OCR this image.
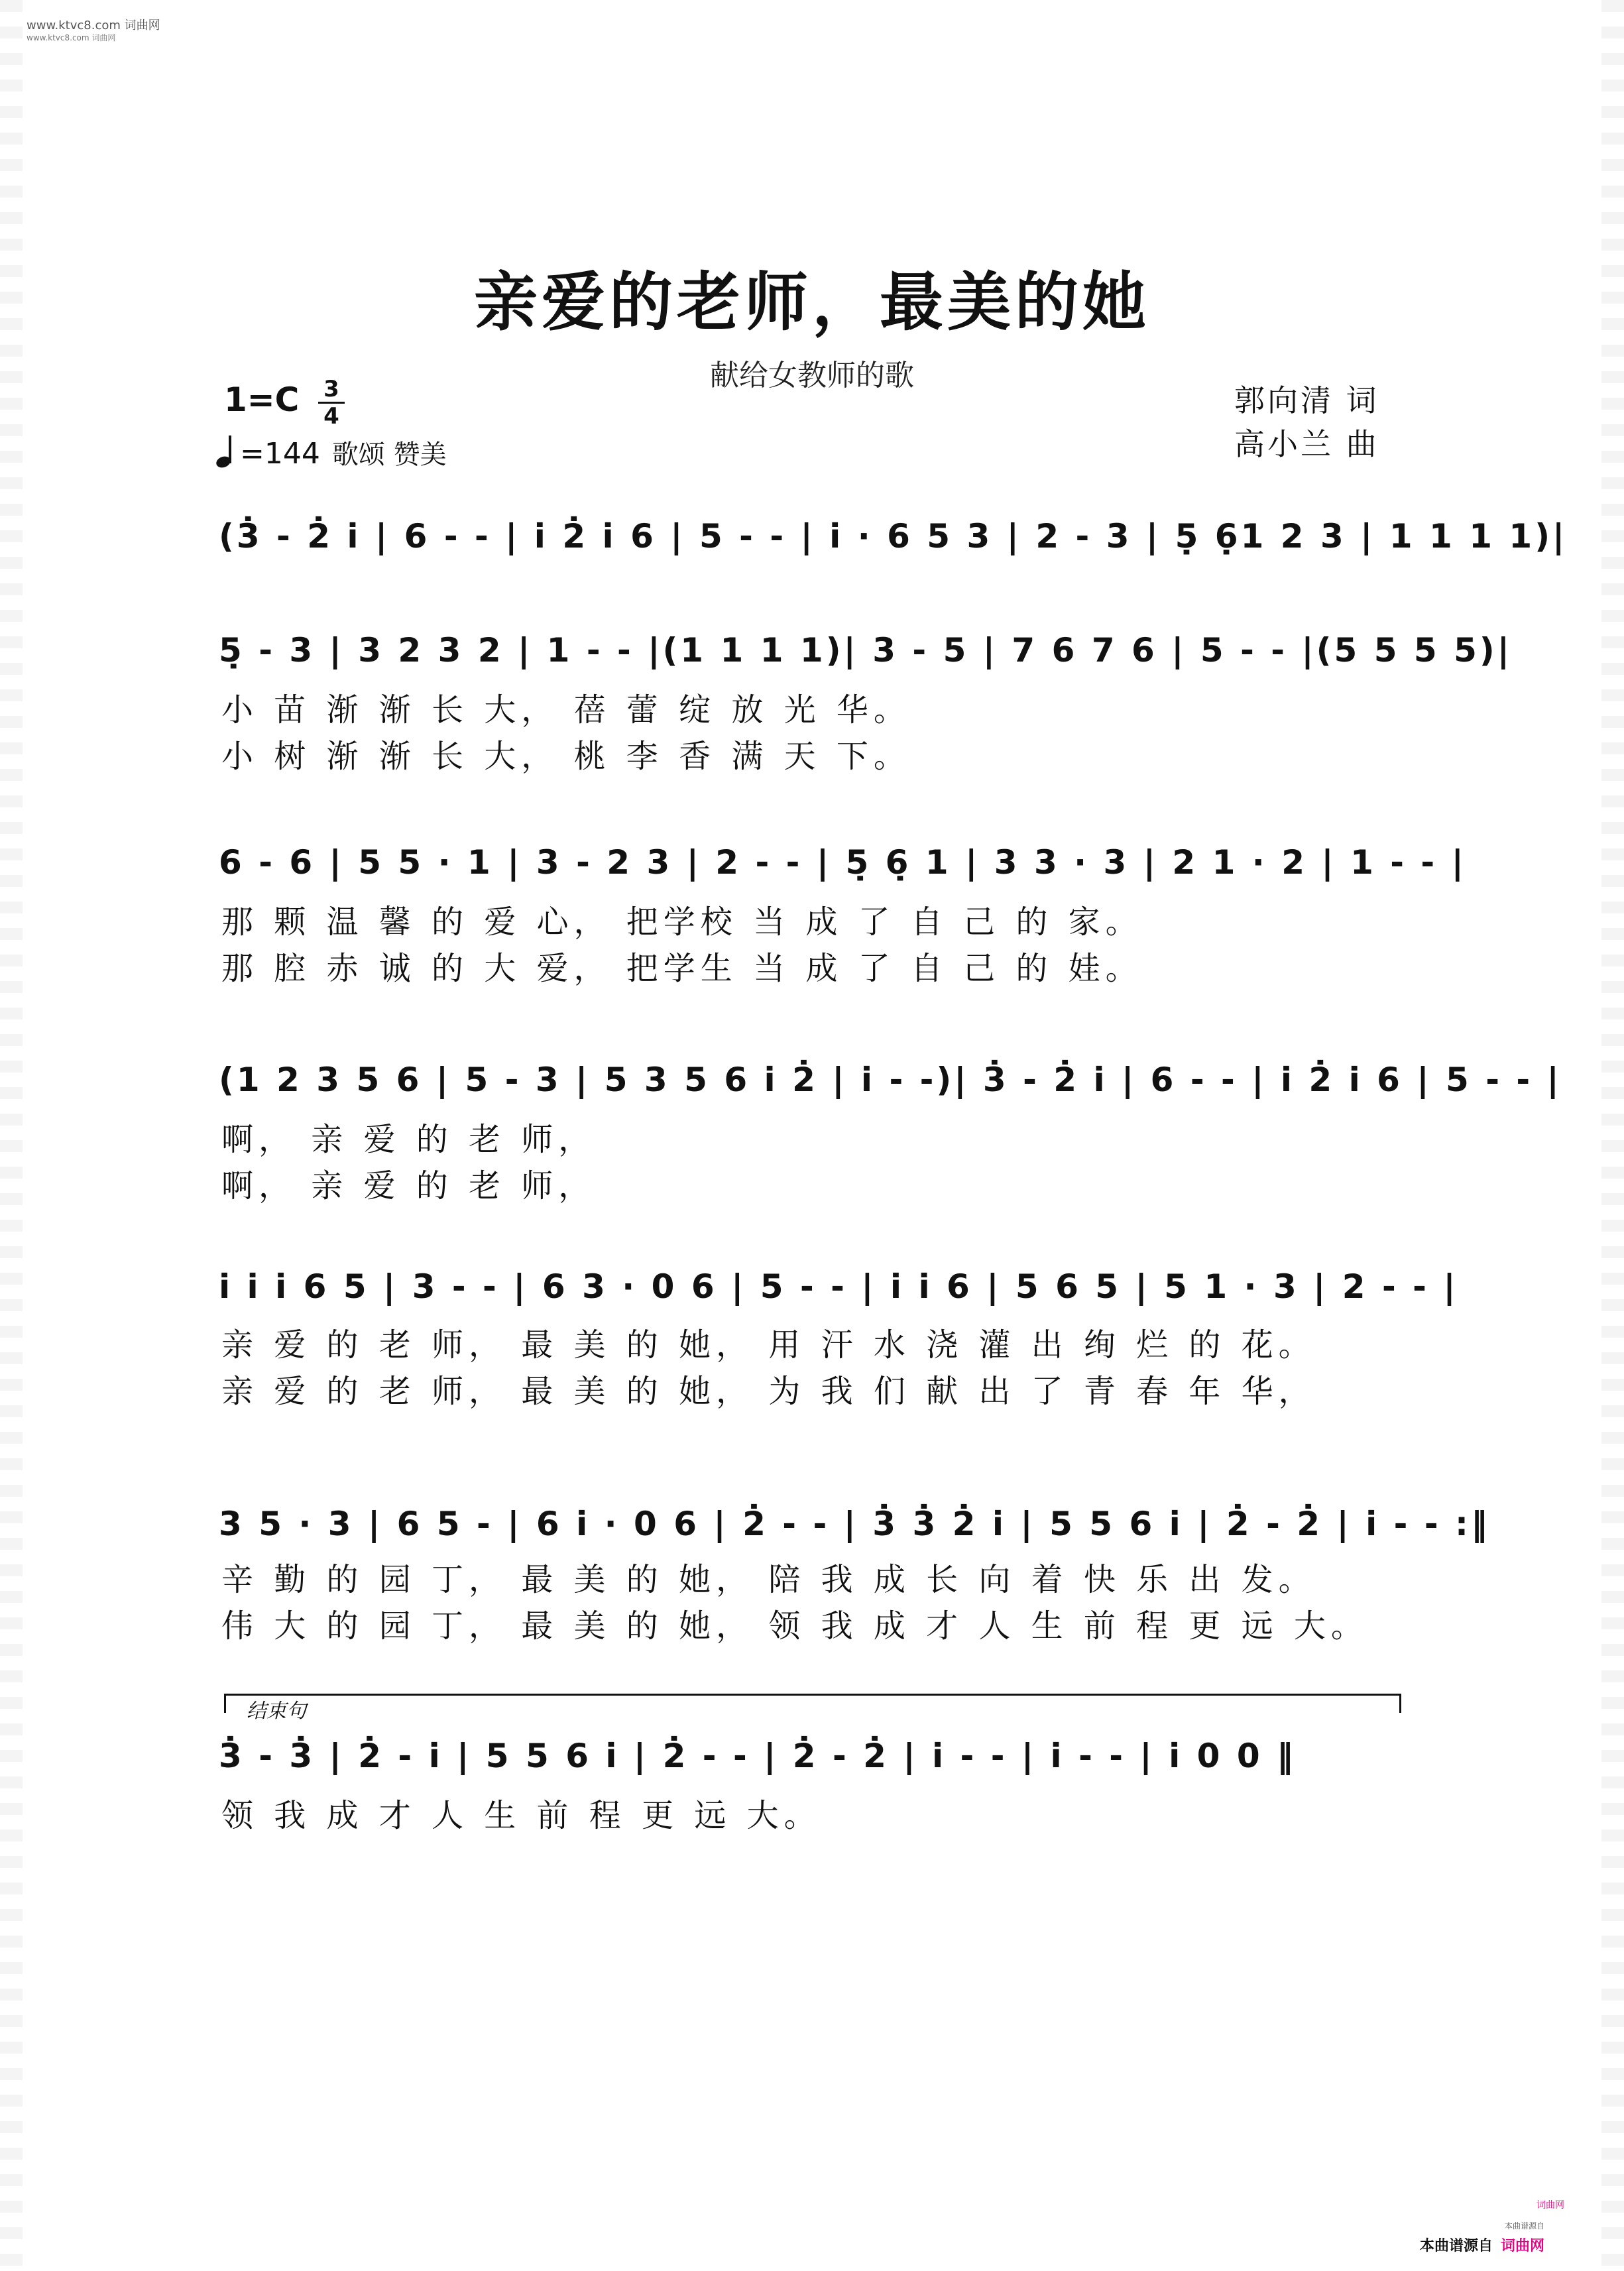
www.ktvc8.com 词曲网
www.ktvc8.com 词曲网
亲爱的老师，最美的她
献给女教师的歌
1=C 3
4
=144 歌颂 赞美
郭向清 词
高小兰 曲
(3̇ - 2̇ i̇ | 6 - - | i̇ 2̇ i̇ 6 | 5 - - | i̇ · 6 5 3 | 2 - 3 | 5̣ 6̣1 2 3 | 1 1 1 1)|
5̣ - 3 | 3 2 3 2 | 1 - - |(1 1 1 1)| 3 - 5 | 7 6 7 6 | 5 - - |(5 5 5 5)|
小 苗 渐 渐 长 大， 蓓 蕾 绽 放 光 华。
小 树 渐 渐 长 大， 桃 李 香 满 天 下。
6 - 6 | 5 5 · 1 | 3 - 2 3 | 2 - - | 5̣ 6̣ 1 | 3 3 · 3 | 2 1 · 2 | 1 - - |
那 颗 温 馨 的 爱 心， 把学校 当 成 了 自 己 的 家。
那 腔 赤 诚 的 大 爱， 把学生 当 成 了 自 己 的 娃。
(1 2 3 5 6 | 5 - 3 | 5 3 5 6 i̇ 2̇ | i̇ - -)| 3̇ - 2̇ i̇ | 6 - - | i̇ 2̇ i̇ 6 | 5 - - |
啊， 亲 爱 的 老 师，
啊， 亲 爱 的 老 师，
i̇ i̇ i̇ 6 5 | 3 - - | 6 3 · 0 6 | 5 - - | i̇ i̇ 6 | 5 6 5 | 5 1 · 3 | 2 - - |
亲 爱 的 老 师， 最 美 的 她， 用 汗 水 浇 灌 出 绚 烂 的 花。
亲 爱 的 老 师， 最 美 的 她， 为 我 们 献 出 了 青 春 年 华，
3 5 · 3 | 6 5 - | 6 i̇ · 0 6 | 2̇ - - | 3̇ 3̇ 2̇ i̇ | 5 5 6 i̇ | 2̇ - 2̇ | i̇ - - :‖
辛 勤 的 园 丁， 最 美 的 她， 陪 我 成 长 向 着 快 乐 出 发。
伟 大 的 园 丁， 最 美 的 她， 领 我 成 才 人 生 前 程 更 远 大。
结束句
3̇ - 3̇ | 2̇ - i̇ | 5 5 6 i̇ | 2̇ - - | 2̇ - 2̇ | i̇ - - | i̇ - - | i̇ 0 0 ‖
领 我 成 才 人 生 前 程 更 远 大。
词曲网
本曲谱源自
本曲谱源自 词曲网
